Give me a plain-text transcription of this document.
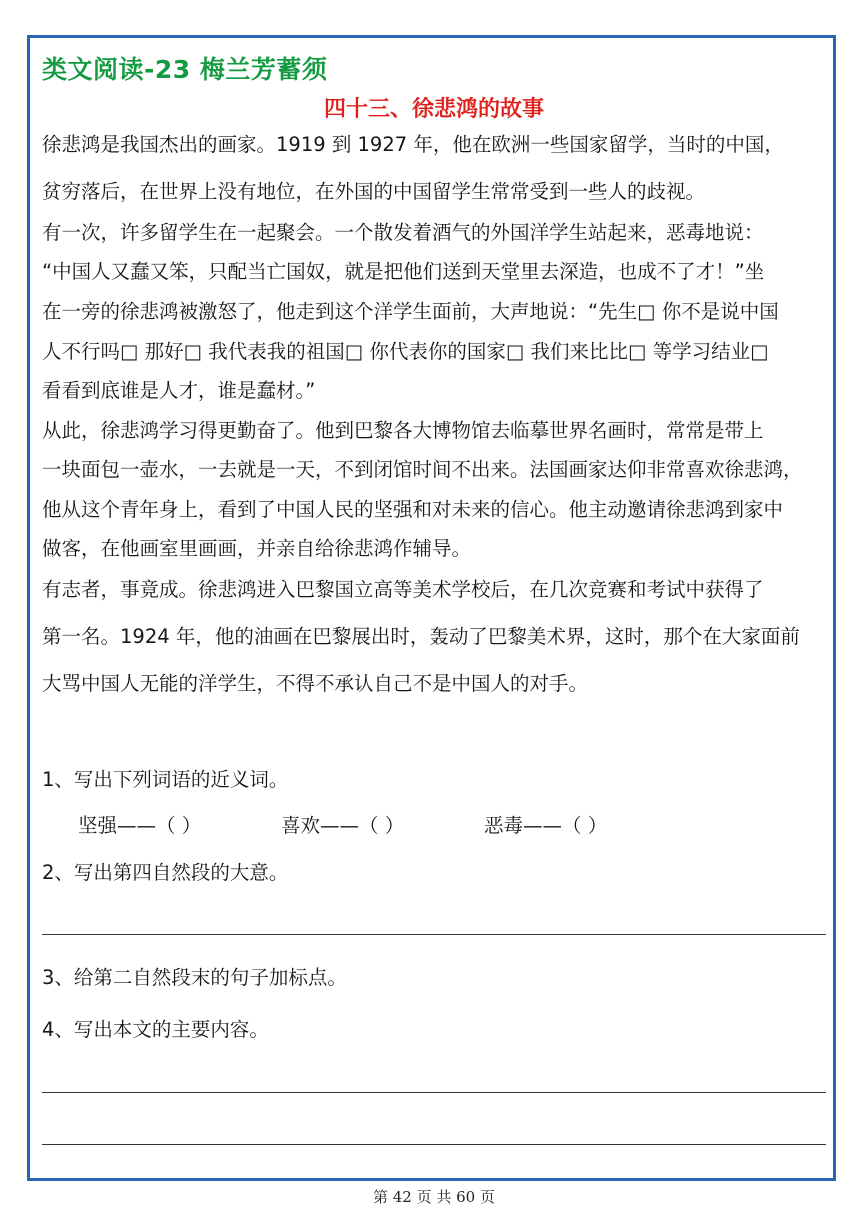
类文阅读-23 梅兰芳蓄须
四十三、徐悲鸿的故事
徐悲鸿是我国杰出的画家。1919 到 1927 年，他在欧洲一些国家留学，当时的中国，
贫穷落后，在世界上没有地位，在外国的中国留学生常常受到一些人的歧视。
有一次，许多留学生在一起聚会。一个散发着酒气的外国洋学生站起来，恶毒地说：
“中国人又蠢又笨，只配当亡国奴，就是把他们送到天堂里去深造，也成不了才！”坐
在一旁的徐悲鸿被激怒了，他走到这个洋学生面前，大声地说：“先生□ 你不是说中国
人不行吗□ 那好□ 我代表我的祖国□ 你代表你的国家□ 我们来比比□ 等学习结业□
看看到底谁是人才，谁是蠢材。”
从此，徐悲鸿学习得更勤奋了。他到巴黎各大博物馆去临摹世界名画时，常常是带上
一块面包一壶水，一去就是一天，不到闭馆时间不出来。法国画家达仰非常喜欢徐悲鸿，
他从这个青年身上，看到了中国人民的坚强和对未来的信心。他主动邀请徐悲鸿到家中
做客，在他画室里画画，并亲自给徐悲鸿作辅导。
有志者，事竟成。徐悲鸿进入巴黎国立高等美术学校后，在几次竞赛和考试中获得了
第一名。1924 年，他的油画在巴黎展出时，轰动了巴黎美术界，这时，那个在大家面前
大骂中国人无能的洋学生，不得不承认自己不是中国人的对手。
1、写出下列词语的近义词。
坚强——（ ）	喜欢——（ ）	恶毒——（ ）
2、写出第四自然段的大意。
3、给第二自然段末的句子加标点。
4、写出本文的主要内容。
第 42 页 共 60 页
